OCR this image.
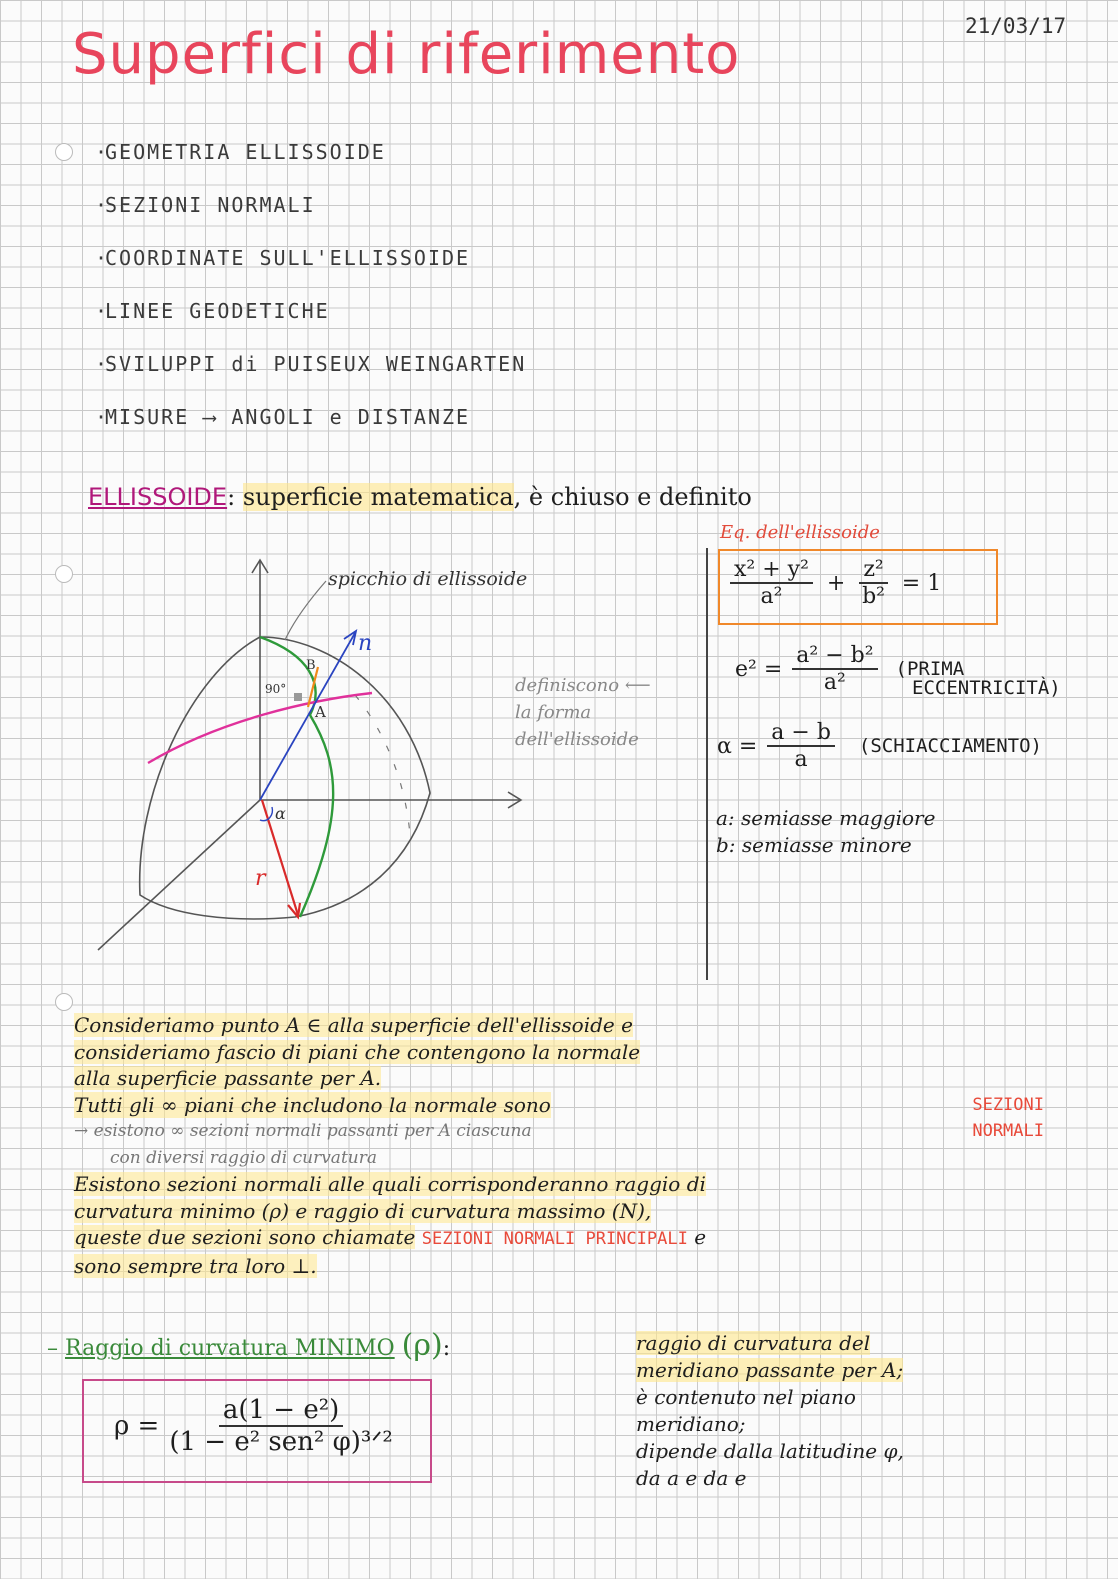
Superfici di riferimento	21/03/17
·GEOMETRIA ELLISSOIDE
·SEZIONI NORMALI
·COORDINATE SULL'ELLISSOIDE
·LINEE GEODETICHE
·SVILUPPI di PUISEUX WEINGARTEN
·MISURE ⟶ ANGOLI e DISTANZE
ELLISSOIDE: superficie matematica, è chiuso e definito
spicchio di ellissoide
n
B
A
90°
α
r
definiscono ⟵
la forma
dell'ellissoide
Eq. dell'ellissoide
$\frac{\text{x² + y²}}{\text{a²}} + \frac{\text{z²}}{\text{b²}} = 1$
$e^2 = \frac{\text{a² − b²}}{\text{a²}}$ (PRIMA
ECCENTRICITÀ)
$\alpha = \frac{a - b}{a}$ (SCHIACCIAMENTO)
a: semiasse maggiore
b: semiasse minore
Consideriamo punto A ∈ alla superficie dell'ellissoide e
consideriamo fascio di piani che contengono la normale
alla superficie passante per A.
Tutti gli ∞ piani che includono la normale sono	SEZIONI
→ esistono ∞ sezioni normali passanti per A ciascuna	NORMALI
con diversi raggio di curvatura
Esistono sezioni normali alle quali corrisponderanno raggio di
curvatura minimo (ρ) e raggio di curvatura massimo (N),
queste due sezioni sono chiamate SEZIONI NORMALI PRINCIPALI e
sono sempre tra loro ⊥.
– Raggio di curvatura MINIMO (ρ):
$\rho = \frac{\text{a(1 − e²)}}{\text{(1 − e² sen² φ)³ᐟ²}}$
raggio di curvatura del
meridiano passante per A;
è contenuto nel piano
meridiano;
dipende dalla latitudine φ,
da a e da e
